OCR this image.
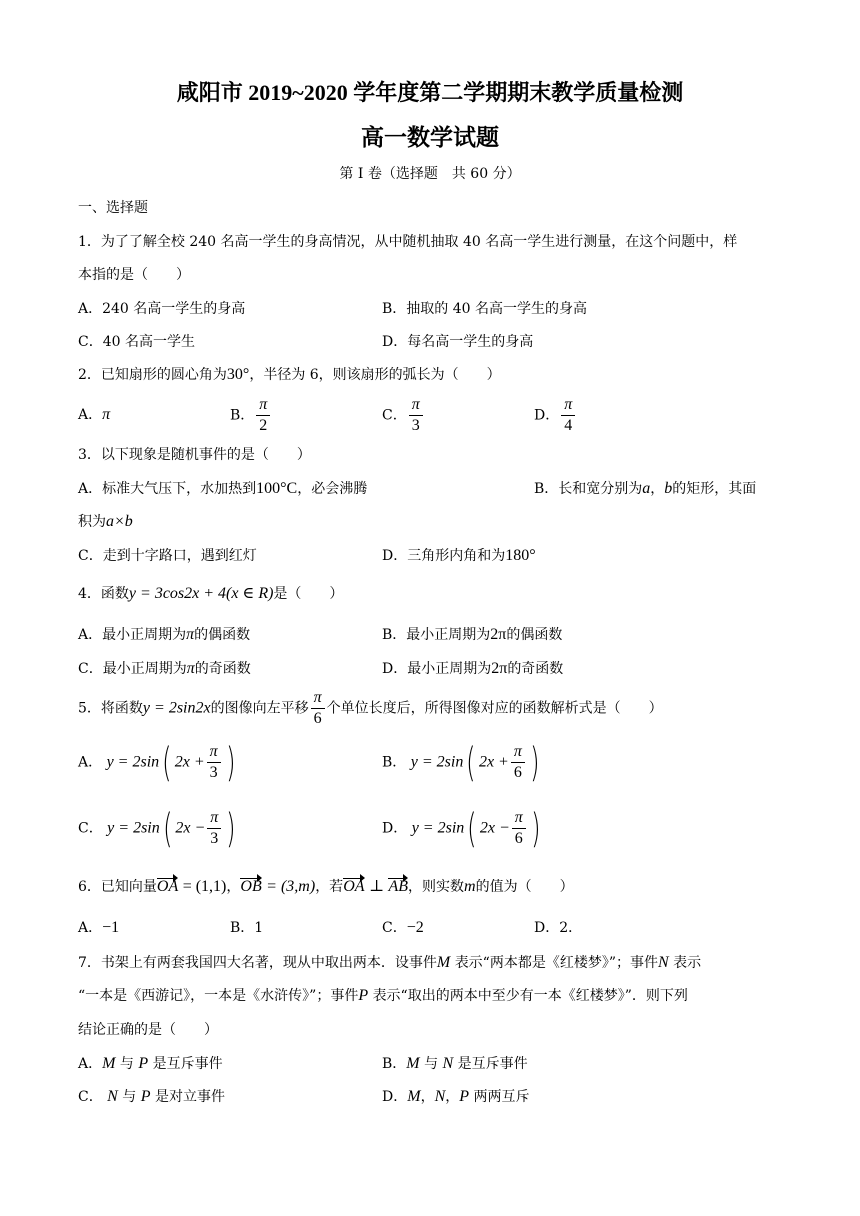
咸阳市 2019~2020 学年度第二学期期末教学质量检测
高一数学试题
第 I 卷（选择题　共 60 分）
一、选择题
1．为了了解全校 240 名高一学生的身高情况，从中随机抽取 40 名高一学生进行测量，在这个问题中，样
本指的是（　　）
A．240 名高一学生的身高	B．抽取的 40 名高一学生的身高
C．40 名高一学生	D．每名高一学生的身高
2．已知扇形的圆心角为30°，半径为 6，则该扇形的弧长为（　　）
A．π	B． $\frac{\pi}{2}$	C． $\frac{\pi}{3}$	D． $\frac{\pi}{4}$
3．以下现象是随机事件的是（　　）
A．标准大气压下，水加热到100°C，必会沸腾	B．长和宽分别为a，b的矩形，其面
积为a×b
C．走到十字路口，遇到红灯	D．三角形内角和为180°
4．函数y = 3cos2x + 4(x ∈ R)是（　　）
A．最小正周期为π的偶函数	B．最小正周期为2π的偶函数
C．最小正周期为π的奇函数	D．最小正周期为2π的奇函数
5．将函数y = 2sin2x的图像向左平移 $\frac{\pi}{6}$ 个单位长度后，所得图像对应的函数解析式是（　　）
A． y = 2sin( $2x + \frac{\pi}{3}$ )	B． y = 2sin( $2x + \frac{\pi}{6}$ )
C． y = 2sin( $2x - \frac{\pi}{3}$ )	D． y = 2sin( $2x - \frac{\pi}{6}$ )
6．已知向量OA = (1,1)，OB = (3,m)，若OA ⊥ AB，则实数m的值为（　　）
A．−1	B．1	C．−2	D．2．
7．书架上有两套我国四大名著，现从中取出两本．设事件M 表示“两本都是《红楼梦》”；事件N 表示
“一本是《西游记》，一本是《水浒传》”；事件P 表示“取出的两本中至少有一本《红楼梦》”．则下列
结论正确的是（　　）
A．M 与 P 是互斥事件	B．M 与 N 是互斥事件
C． N 与 P 是对立事件	D．M，N，P 两两互斥
